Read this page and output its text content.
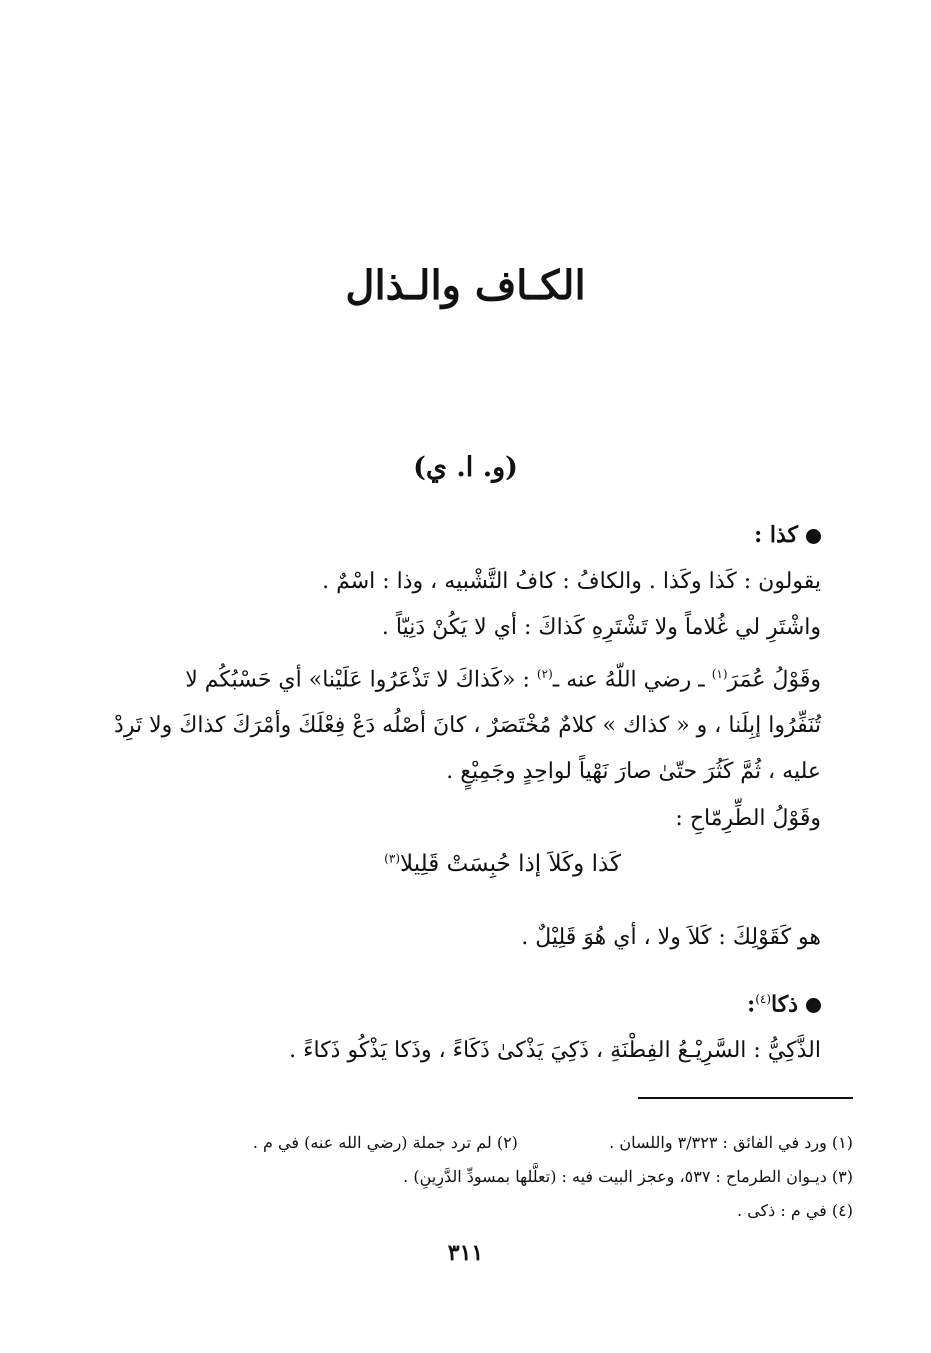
الكـاف والـذال
(و. ا. ي)
كذا :
يقولون : كَذا وكَذا . والكافُ : كافُ التَّشْبيه ، وذا : اسْمٌ .
واشْتَرِ لي غُلاماً ولا تَشْتَرِهِ كَذاكَ : أي لا يَكُنْ دَنِيّاً .
وقَوْلُ عُمَرَ$^{(١)}$ ـ رضي اللّهُ عنه ـ$^{(٢)}$ : «كَذاكَ لا تَذْعَرُوا عَلَيْنا» أي حَسْبُكُم لا
تُنَفِّرُوا إبِلَنا ، و « كذاك » كلامٌ مُخْتَصَرٌ ، كانَ أصْلُه دَعْ فِعْلَكَ وأمْرَكَ كذاكَ ولا تَرِدْ
عليه ، ثُمَّ كَثُرَ حتّىٰ صارَ نَهْياً لواحِدٍ وجَمِيْعٍ .
وقَوْلُ الطِّرِمّاحِ :
كَذا وكَلاَ إذا حُبِسَتْ قَلِيلا$^{(٣)}$
هو كَقَوْلِكَ : كَلاَ ولا ، أي هُوَ قَلِيْلٌ .
ذكا$^{(٤)}$:
الذَّكِيُّ : السَّرِيْـعُ الفِطْنَةِ ، ذَكِيَ يَذْكىٰ ذَكَاءً ، وذَكا يَذْكُو ذَكاءً .
(١) ورد في الفائق : ٣/٣٢٣ واللسان . (٢) لم ترد جملة (رضي الله عنه) في م .
(٣) ديـوان الطرماح : ٥٣٧، وعجز البيت فيه : (تعلَّلها بمسودِّ الدَّرِينِ) .
(٤) في م : ذكى .
٣١١
